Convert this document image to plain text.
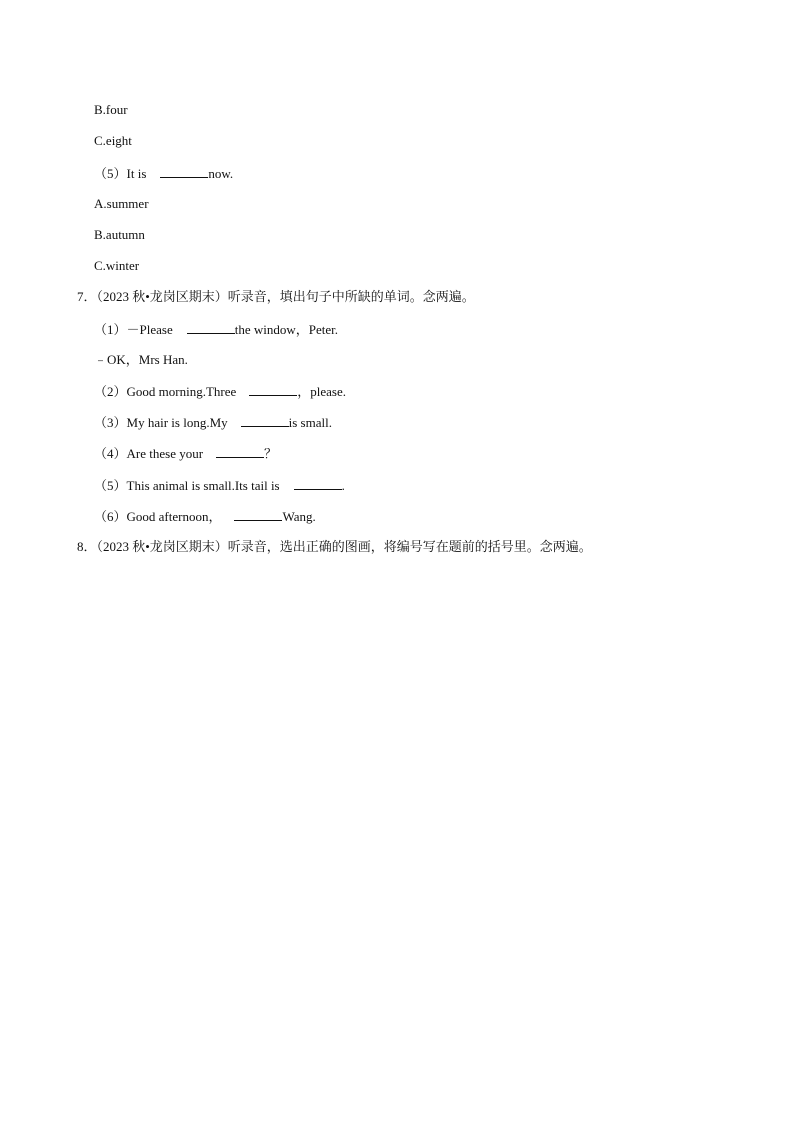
B.four
C.eight
（5）It is	now.
A.summer
B.autumn
C.winter
7．（2023 秋•龙岗区期末）听录音，填出句子中所缺的单词。念两遍。
（1）－Please	the window，Peter.
﹣OK，Mrs Han.
（2）Good morning.Three	，please.
（3）My hair is long.My	is small.
（4）Are these your	？
（5）This animal is small.Its tail is	.
（6）Good afternoon，	Wang.
8．（2023 秋•龙岗区期末）听录音，选出正确的图画，将编号写在题前的括号里。念两遍。
